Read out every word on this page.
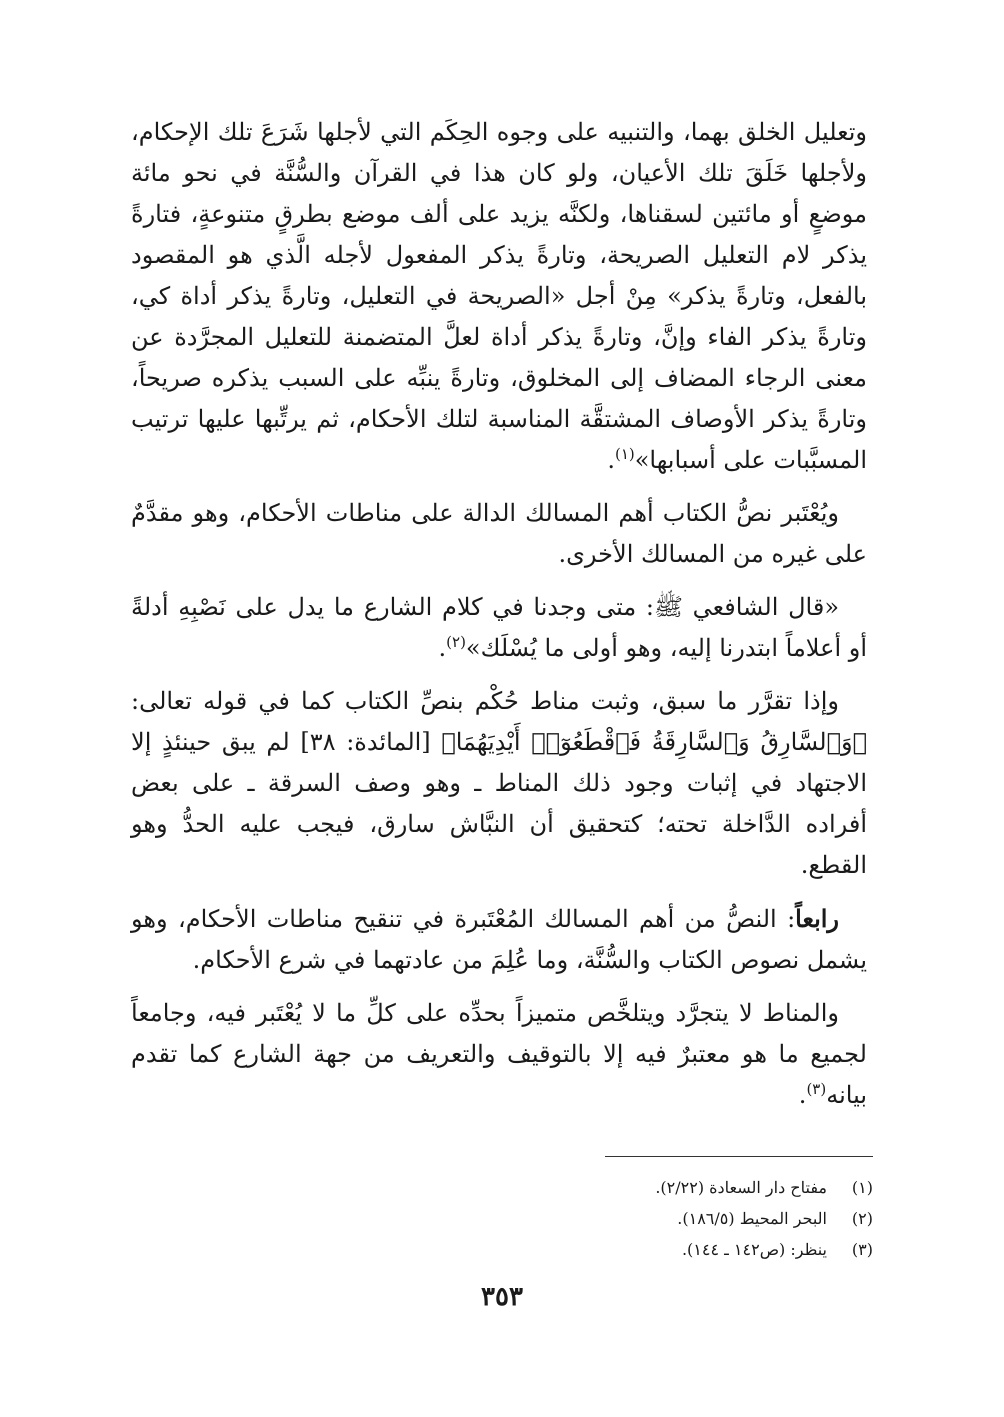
وتعليل الخلق بهما، والتنبيه على وجوه الحِكَم التي لأجلها شَرَعَ تلك الإحكام، ولأجلها خَلَقَ تلك الأعيان، ولو كان هذا في القرآن والسُّنَّة في نحو مائة موضعٍ أو مائتين لسقناها، ولكنَّه يزيد على ألف موضع بطرقٍ متنوعةٍ، فتارةً يذكر لام التعليل الصريحة، وتارةً يذكر المفعول لأجله الَّذي هو المقصود بالفعل، وتارةً يذكر» مِنْ أجل «الصريحة في التعليل، وتارةً يذكر أداة كي، وتارةً يذكر الفاء وإنَّ، وتارةً يذكر أداة لعلَّ المتضمنة للتعليل المجرَّدة عن معنى الرجاء المضاف إلى المخلوق، وتارةً ينبِّه على السبب يذكره صريحاً، وتارةً يذكر الأوصاف المشتقَّة المناسبة لتلك الأحكام، ثم يرتِّبها عليها ترتيب المسبَّبات على أسبابها»$^{(١)}$.

ويُعْتَبر نصُّ الكتاب أهم المسالك الدالة على مناطات الأحكام، وهو مقدَّمٌ على غيره من المسالك الأخرى.

«قال الشافعي ﷺ: متى وجدنا في كلام الشارع ما يدل على نَصْبِهِ أدلةً أو أعلاماً ابتدرنا إليه، وهو أولى ما يُسْلَك»$^{(٢)}$.

وإذا تقرَّر ما سبق، وثبت مناط حُكْم بنصِّ الكتاب كما في قوله تعالى: ﴿وَٱلسَّارِقُ وَٱلسَّارِقَةُ فَٱقْطَعُوٓا۟ أَيْدِيَهُمَا﴾ [المائدة: ٣٨] لم يبق حينئذٍ إلا الاجتهاد في إثبات وجود ذلك المناط ـ وهو وصف السرقة ـ على بعض أفراده الدَّاخلة تحته؛ كتحقيق أن النبَّاش سارق، فيجب عليه الحدُّ وهو القطع.

رابعاً: النصُّ من أهم المسالك المُعْتَبرة في تنقيح مناطات الأحكام، وهو يشمل نصوص الكتاب والسُّنَّة، وما عُلِمَ من عادتهما في شرع الأحكام.

والمناط لا يتجرَّد ويتلخَّص متميزاً بحدِّه على كلِّ ما لا يُعْتَبر فيه، وجامعاً لجميع ما هو معتبرٌ فيه إلا بالتوقيف والتعريف من جهة الشارع كما تقدم بيانه$^{(٣)}$.

(١)
مفتاح دار السعادة (٢/٢٢).
(٢)
البحر المحيط (١٨٦/٥).
(٣)
ينظر: (ص١٤٢ ـ ١٤٤).
٣٥٣
